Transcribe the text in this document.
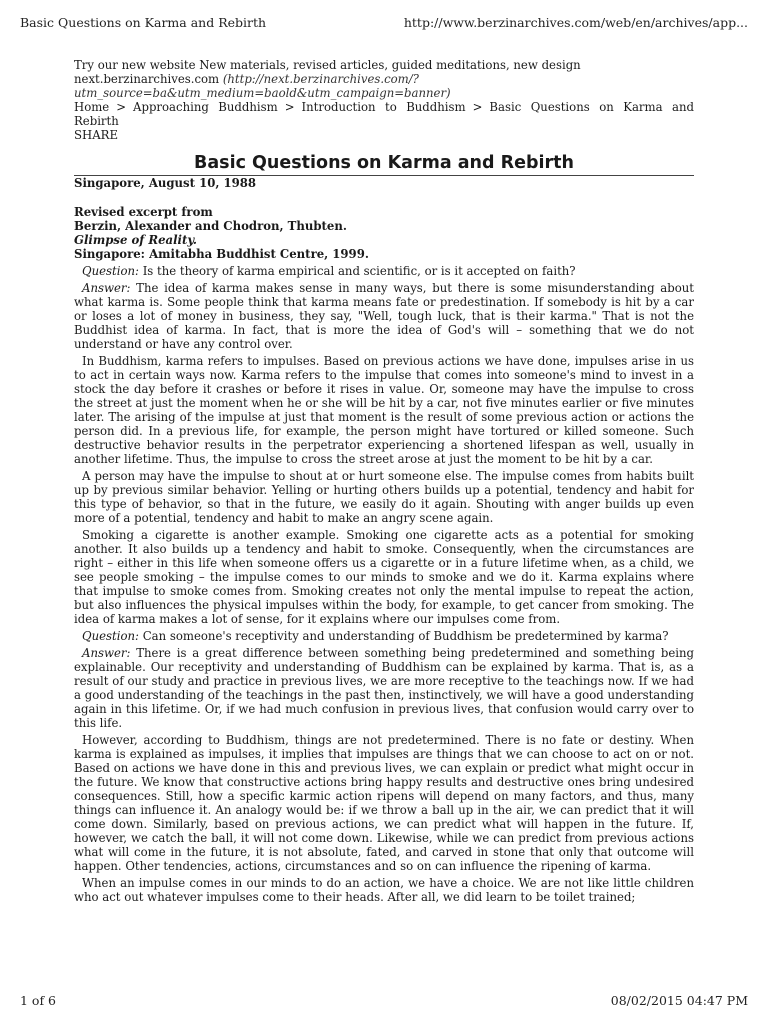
Basic Questions on Karma and Rebirth	http://www.berzinarchives.com/web/en/archives/app...

Try our new website New materials, revised articles, guided meditations, new design next.berzinarchives.com (http://next.berzinarchives.com/?utm_source=ba&utm_medium=baold&utm_campaign=banner)

Home > Approaching Buddhism > Introduction to Buddhism > Basic Questions on Karma and Rebirth

SHARE

Basic Questions on Karma and Rebirth

Singapore, August 10, 1988

Revised excerpt from

Berzin, Alexander and Chodron, Thubten.

Glimpse of Reality.

Singapore: Amitabha Buddhist Centre, 1999.

Question: Is the theory of karma empirical and scientific, or is it accepted on faith?

Answer: The idea of karma makes sense in many ways, but there is some misunderstanding about what karma is. Some people think that karma means fate or predestination. If somebody is hit by a car or loses a lot of money in business, they say, "Well, tough luck, that is their karma." That is not the Buddhist idea of karma. In fact, that is more the idea of God's will – something that we do not understand or have any control over.

In Buddhism, karma refers to impulses. Based on previous actions we have done, impulses arise in us to act in certain ways now. Karma refers to the impulse that comes into someone's mind to invest in a stock the day before it crashes or before it rises in value. Or, someone may have the impulse to cross the street at just the moment when he or she will be hit by a car, not five minutes earlier or five minutes later. The arising of the impulse at just that moment is the result of some previous action or actions the person did. In a previous life, for example, the person might have tortured or killed someone. Such destructive behavior results in the perpetrator experiencing a shortened lifespan as well, usually in another lifetime. Thus, the impulse to cross the street arose at just the moment to be hit by a car.

A person may have the impulse to shout at or hurt someone else. The impulse comes from habits built up by previous similar behavior. Yelling or hurting others builds up a potential, tendency and habit for this type of behavior, so that in the future, we easily do it again. Shouting with anger builds up even more of a potential, tendency and habit to make an angry scene again.

Smoking a cigarette is another example. Smoking one cigarette acts as a potential for smoking another. It also builds up a tendency and habit to smoke. Consequently, when the circumstances are right – either in this life when someone offers us a cigarette or in a future lifetime when, as a child, we see people smoking – the impulse comes to our minds to smoke and we do it. Karma explains where that impulse to smoke comes from. Smoking creates not only the mental impulse to repeat the action, but also influences the physical impulses within the body, for example, to get cancer from smoking. The idea of karma makes a lot of sense, for it explains where our impulses come from.

Question: Can someone's receptivity and understanding of Buddhism be predetermined by karma?

Answer: There is a great difference between something being predetermined and something being explainable. Our receptivity and understanding of Buddhism can be explained by karma. That is, as a result of our study and practice in previous lives, we are more receptive to the teachings now. If we had a good understanding of the teachings in the past then, instinctively, we will have a good understanding again in this lifetime. Or, if we had much confusion in previous lives, that confusion would carry over to this life.

However, according to Buddhism, things are not predetermined. There is no fate or destiny. When karma is explained as impulses, it implies that impulses are things that we can choose to act on or not. Based on actions we have done in this and previous lives, we can explain or predict what might occur in the future. We know that constructive actions bring happy results and destructive ones bring undesired consequences. Still, how a specific karmic action ripens will depend on many factors, and thus, many things can influence it. An analogy would be: if we throw a ball up in the air, we can predict that it will come down. Similarly, based on previous actions, we can predict what will happen in the future. If, however, we catch the ball, it will not come down. Likewise, while we can predict from previous actions what will come in the future, it is not absolute, fated, and carved in stone that only that outcome will happen. Other tendencies, actions, circumstances and so on can influence the ripening of karma.

When an impulse comes in our minds to do an action, we have a choice. We are not like little children who act out whatever impulses come to their heads. After all, we did learn to be toilet trained;

1 of 6	08/02/2015 04:47 PM
